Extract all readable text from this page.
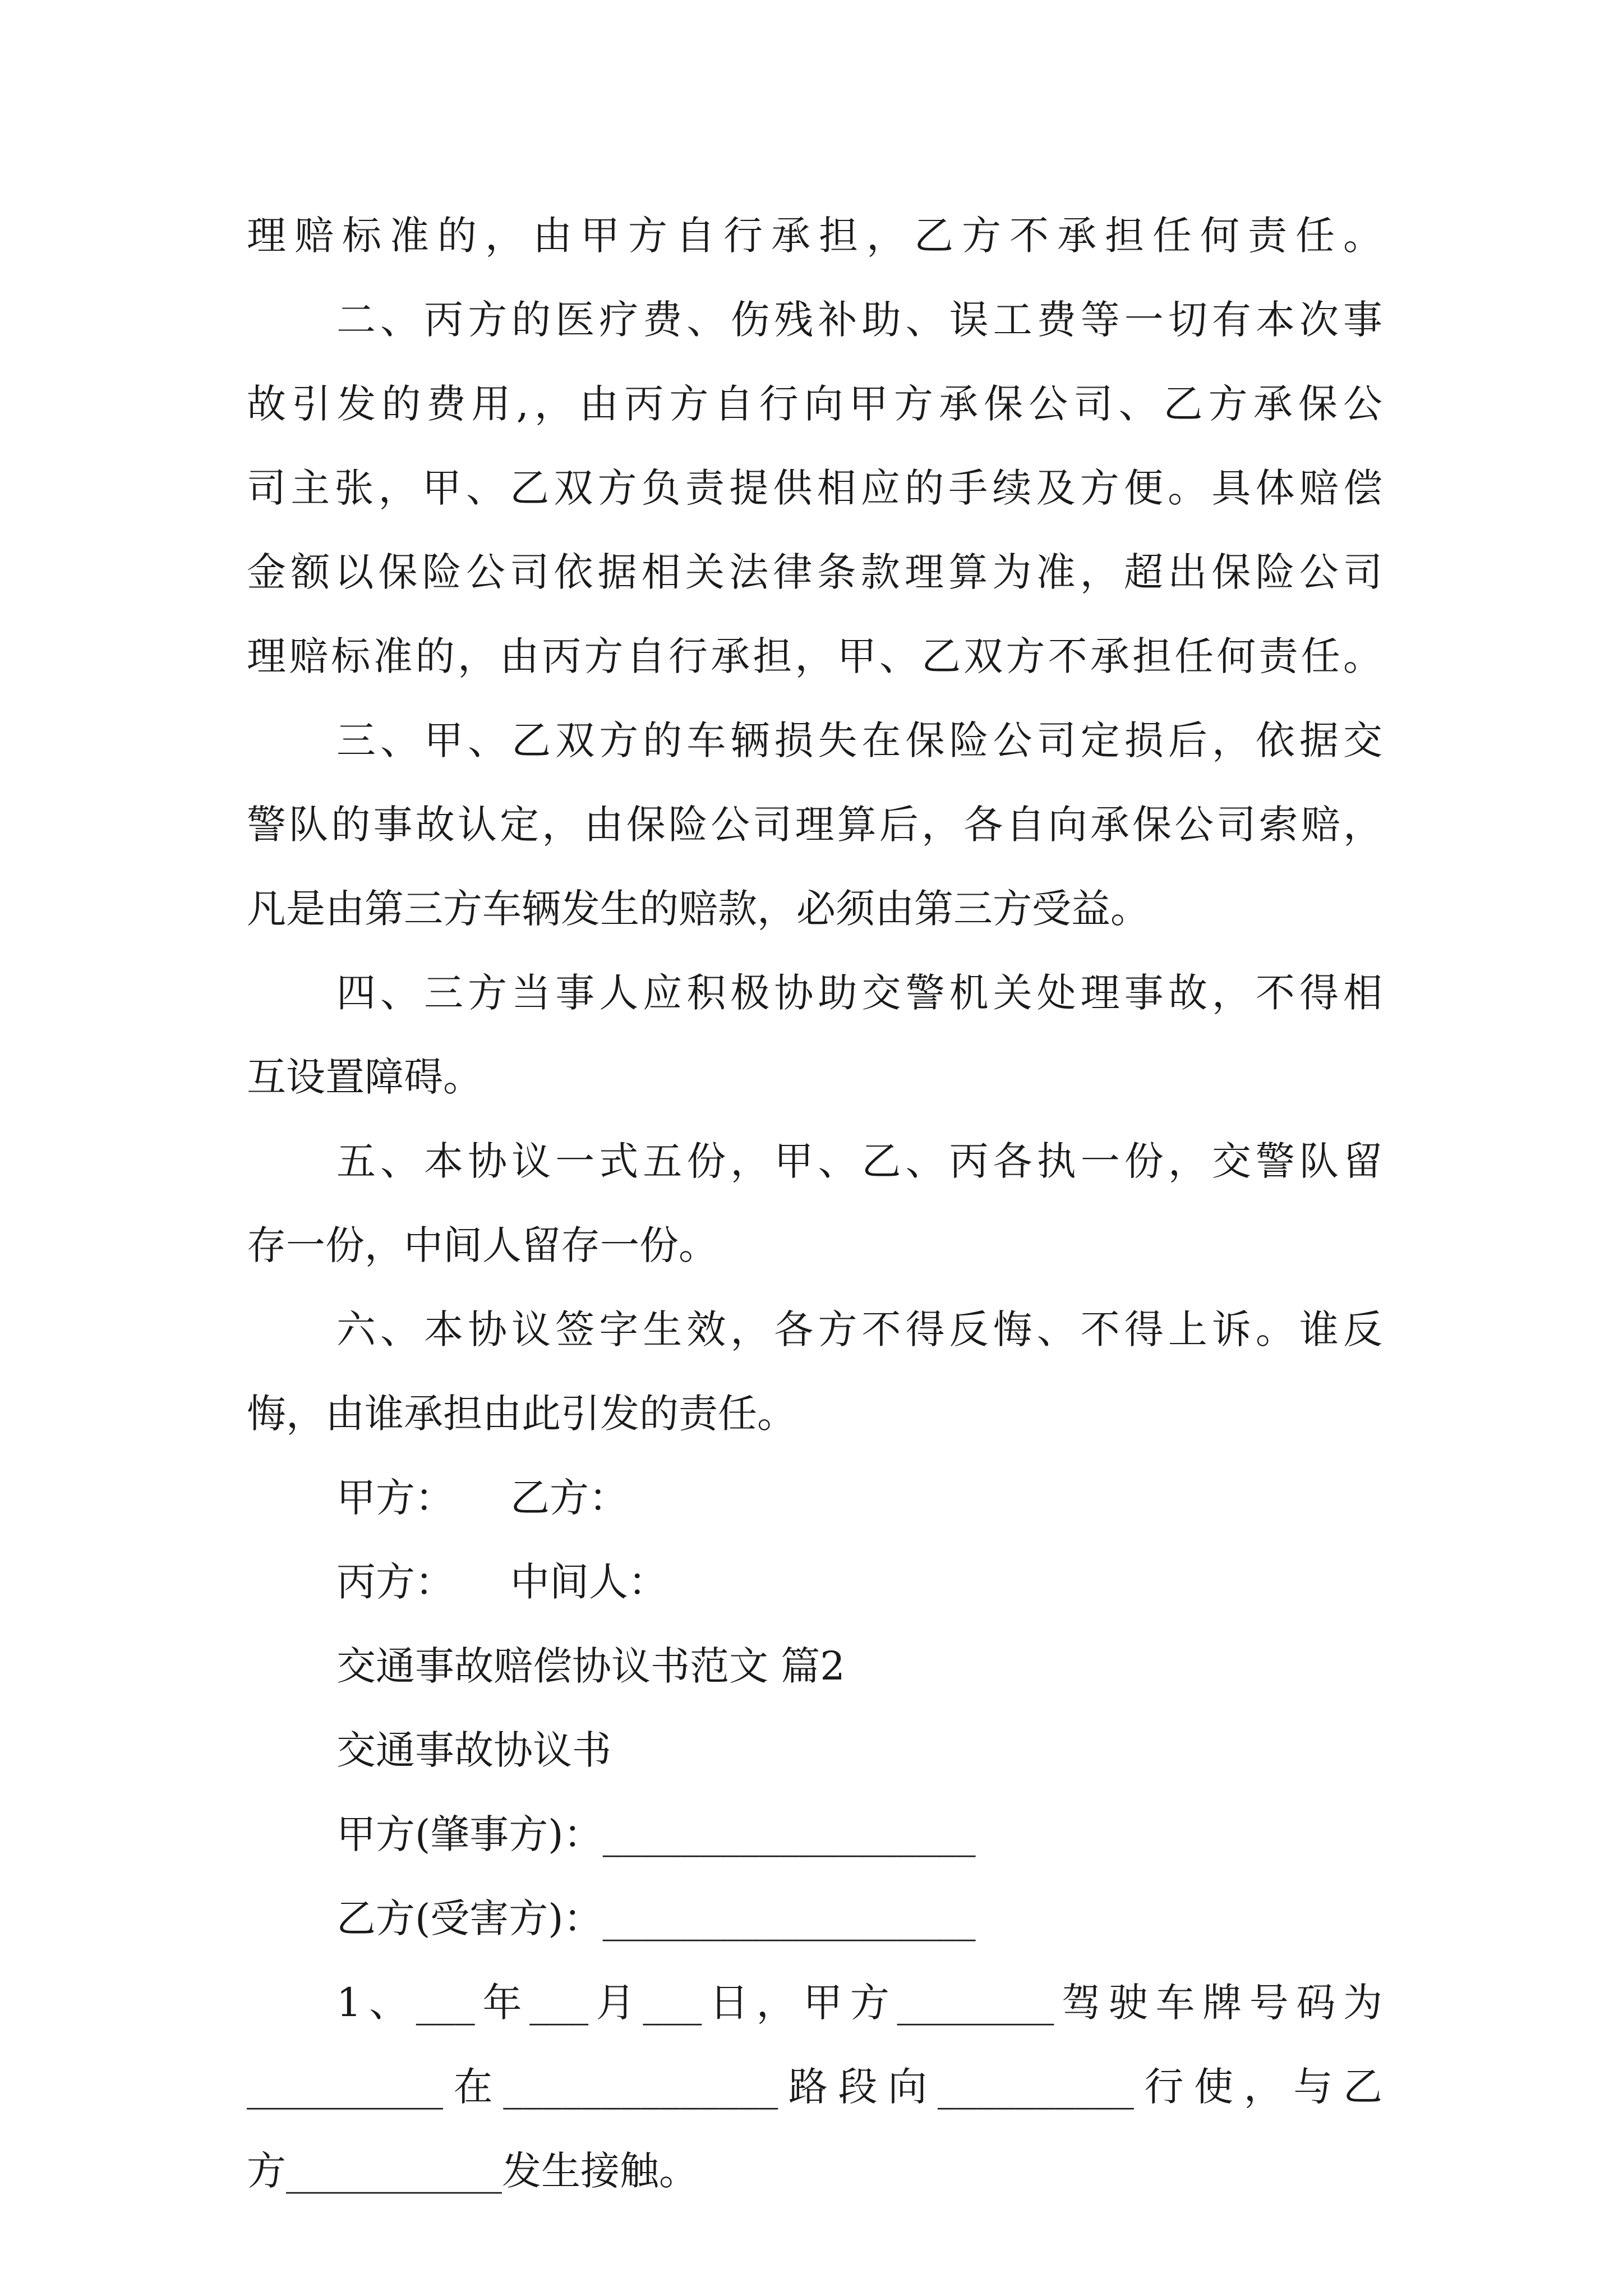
理赔标准的，由甲方自行承担，乙方不承担任何责任。
二、丙方的医疗费、伤残补助、误工费等一切有本次事
故引发的费用,，由丙方自行向甲方承保公司、乙方承保公
司主张，甲、乙双方负责提供相应的手续及方便。具体赔偿
金额以保险公司依据相关法律条款理算为准，超出保险公司
理赔标准的，由丙方自行承担，甲、乙双方不承担任何责任。
三、甲、乙双方的车辆损失在保险公司定损后，依据交
警队的事故认定，由保险公司理算后，各自向承保公司索赔，
凡是由第三方车辆发生的赔款，必须由第三方受益。
四、三方当事人应积极协助交警机关处理事故，不得相
互设置障碍。
五、本协议一式五份，甲、乙、丙各执一份，交警队留
存一份，中间人留存一份。
六、本协议签字生效，各方不得反悔、不得上诉。谁反
悔，由谁承担由此引发的责任。
甲方： 乙方：
丙方： 中间人：
交通事故赔偿协议书范文 篇2
交通事故协议书
甲方(肇事方)：___________________
乙方(受害方)：___________________
1、___年___月___日，甲方________驾驶车牌号码为
__________在______________路段向__________行使，与乙
方___________发生接触。
